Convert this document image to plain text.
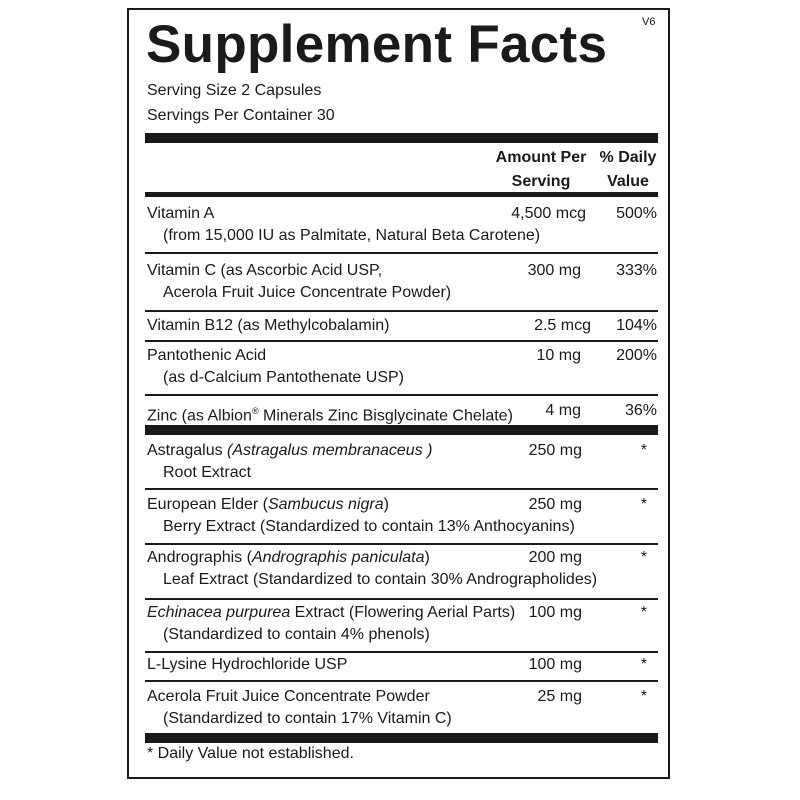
V6
Supplement Facts
Serving Size 2 Capsules
Servings Per Container 30
Amount Per
Serving
% Daily
Value
Vitamin A
(from 15,000 IU as Palmitate, Natural Beta Carotene)
4,500 mcg	500%
Vitamin C (as Ascorbic Acid USP,
Acerola Fruit Juice Concentrate Powder)
300 mg	333%
Vitamin B12 (as Methylcobalamin)	2.5 mcg	104%
Pantothenic Acid
(as d-Calcium Pantothenate USP)
10 mg	200%
Zinc (as Albion® Minerals Zinc Bisglycinate Chelate)	4 mg	36%
Astragalus (Astragalus membranaceus )
Root Extract
250 mg	*
European Elder (Sambucus nigra)
Berry Extract (Standardized to contain 13% Anthocyanins)
250 mg	*
Andrographis (Andrographis paniculata)
Leaf Extract (Standardized to contain 30% Andrographolides)
200 mg	*
Echinacea purpurea Extract (Flowering Aerial Parts)
(Standardized to contain 4% phenols)
100 mg	*
L-Lysine Hydrochloride USP	100 mg	*
Acerola Fruit Juice Concentrate Powder
(Standardized to contain 17% Vitamin C)
25 mg	*
* Daily Value not established.
